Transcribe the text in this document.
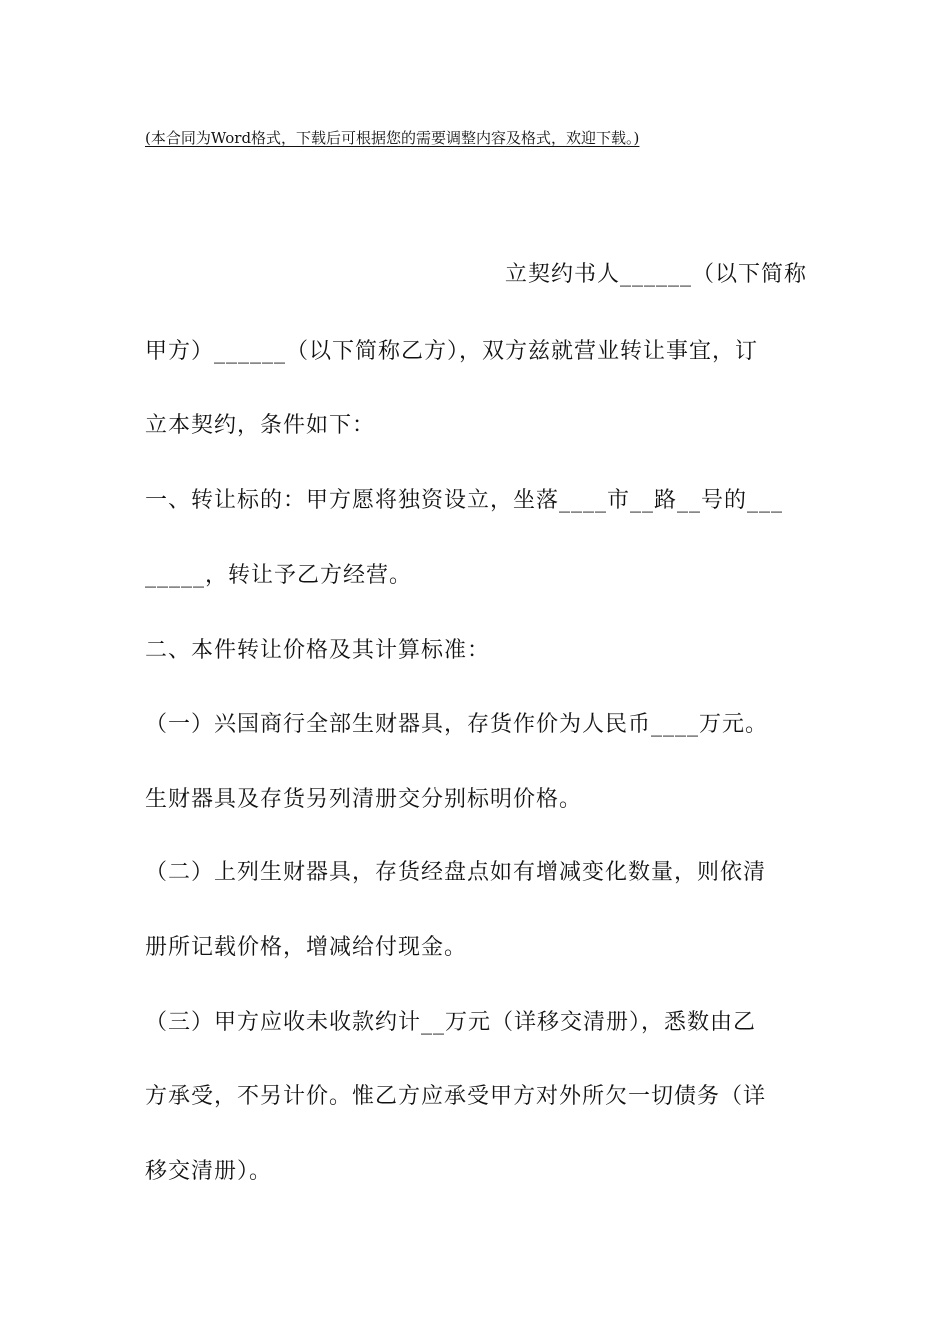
(本合同为Word格式，下载后可根据您的需要调整内容及格式，欢迎下载。)
立契约书人______（以下简称
甲方）______（以下简称乙方），双方兹就营业转让事宜，订
立本契约，条件如下：
一、转让标的：甲方愿将独资设立，坐落____市__路__号的___
_____，转让予乙方经营。
二、本件转让价格及其计算标准：
（一）兴国商行全部生财器具，存货作价为人民币____万元。
生财器具及存货另列清册交分别标明价格。
（二）上列生财器具，存货经盘点如有增减变化数量，则依清
册所记载价格，增减给付现金。
（三）甲方应收未收款约计__万元（详移交清册），悉数由乙
方承受，不另计价。惟乙方应承受甲方对外所欠一切债务（详
移交清册）。
